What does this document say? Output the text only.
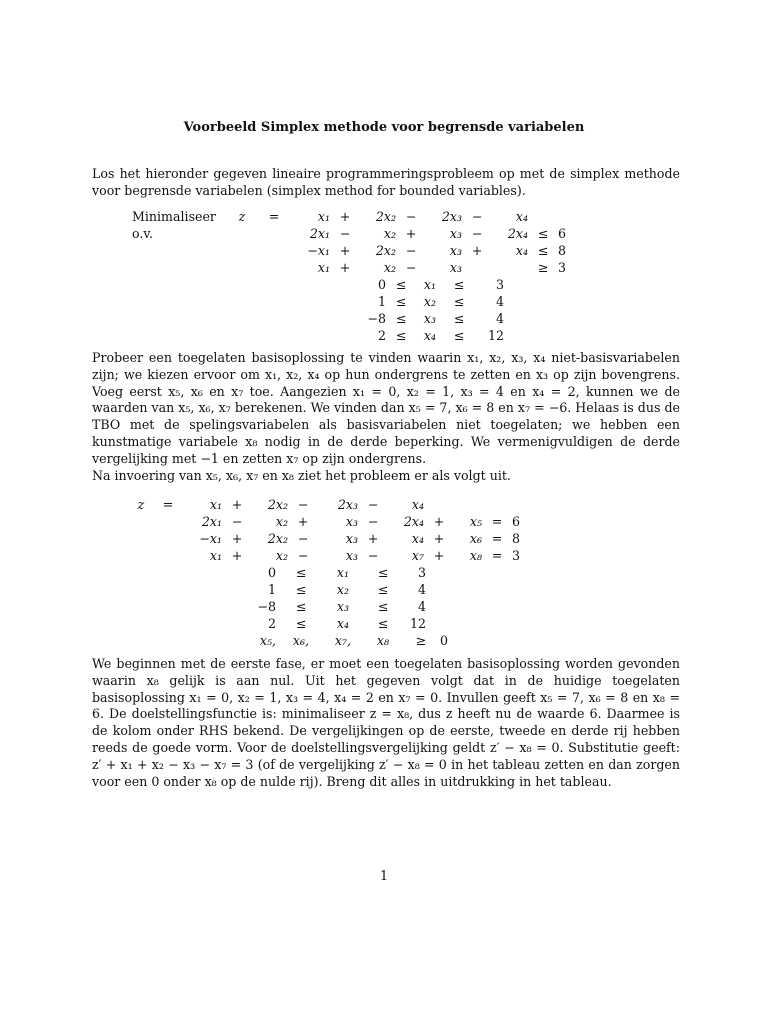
Voorbeeld Simplex methode voor begrensde variabelen
Los het hieronder gegeven lineaire programmeringsprobleem op met de simplex methode voor begrensde variabelen (simplex method for bounded variables).
Minimaliseer	z	=	x₁	+	2x₂	−	2x₃	−	x₄		
o.v.			2x₁	−	x₂	+	x₃	−	2x₄	≤	6
			−x₁	+	2x₂	−	x₃	+	x₄	≤	8
			x₁	+	x₂	−	x₃			≥	3
0	≤	x₁	≤	3
1	≤	x₂	≤	4
−8	≤	x₃	≤	4
2	≤	x₄	≤	12
Probeer een toegelaten basisoplossing te vinden waarin x₁, x₂, x₃, x₄ niet-basisvariabelen zijn; we kiezen ervoor om x₁, x₂, x₄ op hun ondergrens te zetten en x₃ op zijn bovengrens. Voeg eerst x₅, x₆ en x₇ toe. Aangezien x₁ = 0, x₂ = 1, x₃ = 4 en x₄ = 2, kunnen we de waarden van x₅, x₆, x₇ berekenen. We vinden dan x₅ = 7, x₆ = 8 en x₇ = −6. Helaas is dus de TBO met de spelingsvariabelen als basisvariabelen niet toegelaten; we hebben een kunstmatige variabele x₈ nodig in de derde beperking. We vermenigvuldigen de derde vergelijking met −1 en zetten x₇ op zijn ondergrens.
Na invoering van x₅, x₆, x₇ en x₈ ziet het probleem er als volgt uit.
z	=	x₁	+	2x₂	−	2x₃	−	x₄				
		2x₁	−	x₂	+	x₃	−	2x₄	+	x₅	=	6
		−x₁	+	2x₂	−	x₃	+	x₄	+	x₆	=	8
		x₁	+	x₂	−	x₃	−	x₇	+	x₈	=	3
0	≤	x₁	≤	3	
1	≤	x₂	≤	4	
−8	≤	x₃	≤	4	
2	≤	x₄	≤	12	
x₅,	x₆,	x₇,	x₈	≥	0
We beginnen met de eerste fase, er moet een toegelaten basisoplossing worden gevonden waarin x₈ gelijk is aan nul. Uit het gegeven volgt dat in de huidige toegelaten basisoplossing x₁ = 0, x₂ = 1, x₃ = 4, x₄ = 2 en x₇ = 0. Invullen geeft x₅ = 7, x₆ = 8 en x₈ = 6. De doelstellingsfunctie is: minimaliseer z = x₈, dus z heeft nu de waarde 6. Daarmee is de kolom onder RHS bekend. De vergelijkingen op de eerste, tweede en derde rij hebben reeds de goede vorm. Voor de doelstellingsvergelijking geldt z′ − x₈ = 0. Substitutie geeft: z′ + x₁ + x₂ − x₃ − x₇ = 3 (of de vergelijking z′ − x₈ = 0 in het tableau zetten en dan zorgen voor een 0 onder x₈ op de nulde rij). Breng dit alles in uitdrukking in het tableau.
1
